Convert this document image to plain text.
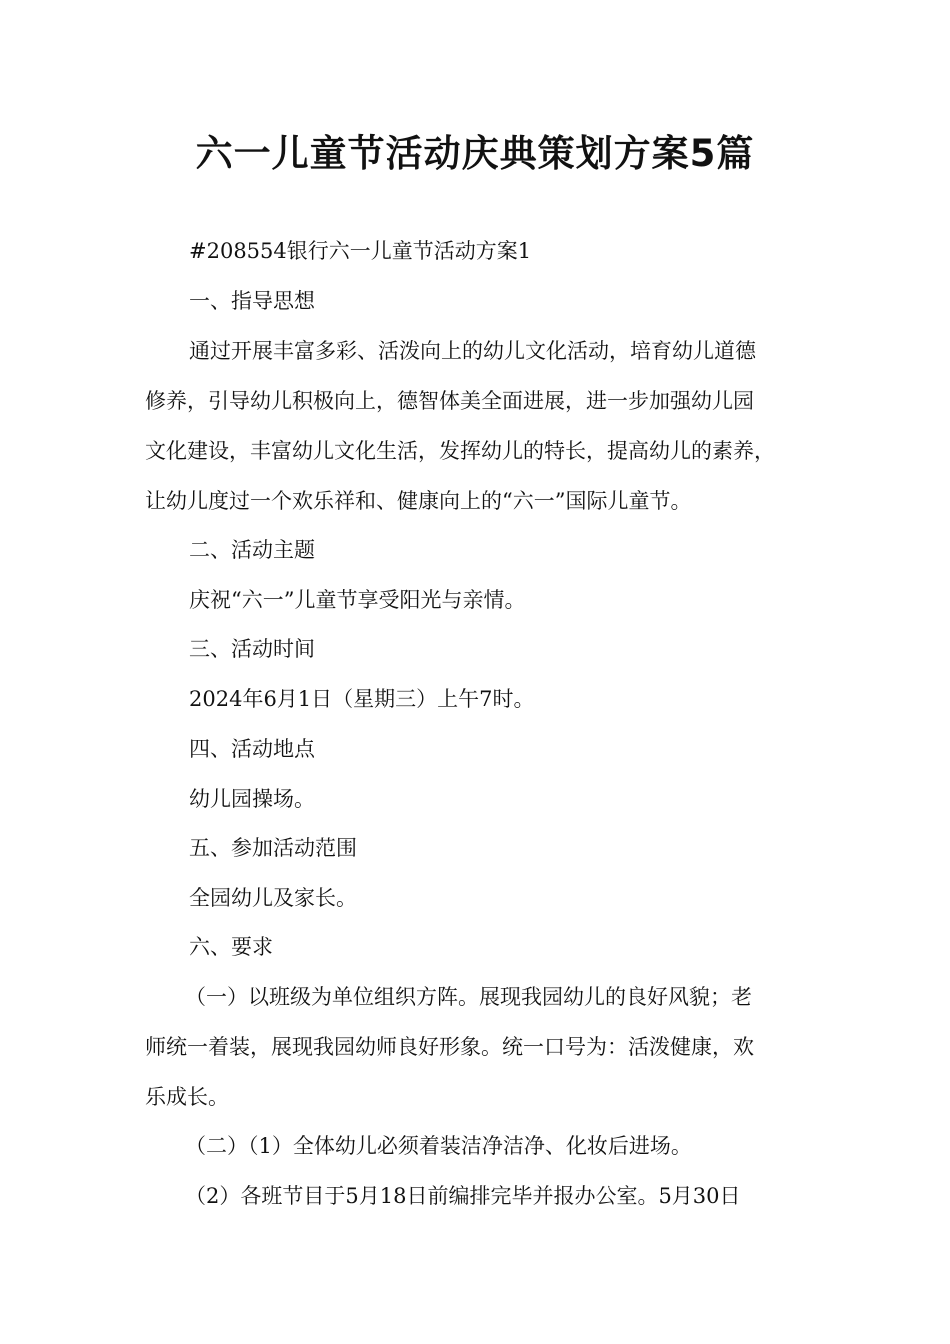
六一儿童节活动庆典策划方案5篇

#208554银行六一儿童节活动方案1

一、指导思想

通过开展丰富多彩、活泼向上的幼儿文化活动，培育幼儿道德

修养，引导幼儿积极向上，德智体美全面进展，进一步加强幼儿园

文化建设，丰富幼儿文化生活，发挥幼儿的特长，提高幼儿的素养，

让幼儿度过一个欢乐祥和、健康向上的“六一”国际儿童节。

二、活动主题

庆祝“六一”儿童节享受阳光与亲情。

三、活动时间

2024年6月1日（星期三）上午7时。

四、活动地点

幼儿园操场。

五、参加活动范围

全园幼儿及家长。

六、要求

（一）以班级为单位组织方阵。展现我园幼儿的良好风貌；老

师统一着装，展现我园幼师良好形象。统一口号为：活泼健康，欢

乐成长。

（二）（1）全体幼儿必须着装洁净洁净、化妆后进场。

（2）各班节目于5月18日前编排完毕并报办公室。5月30日
